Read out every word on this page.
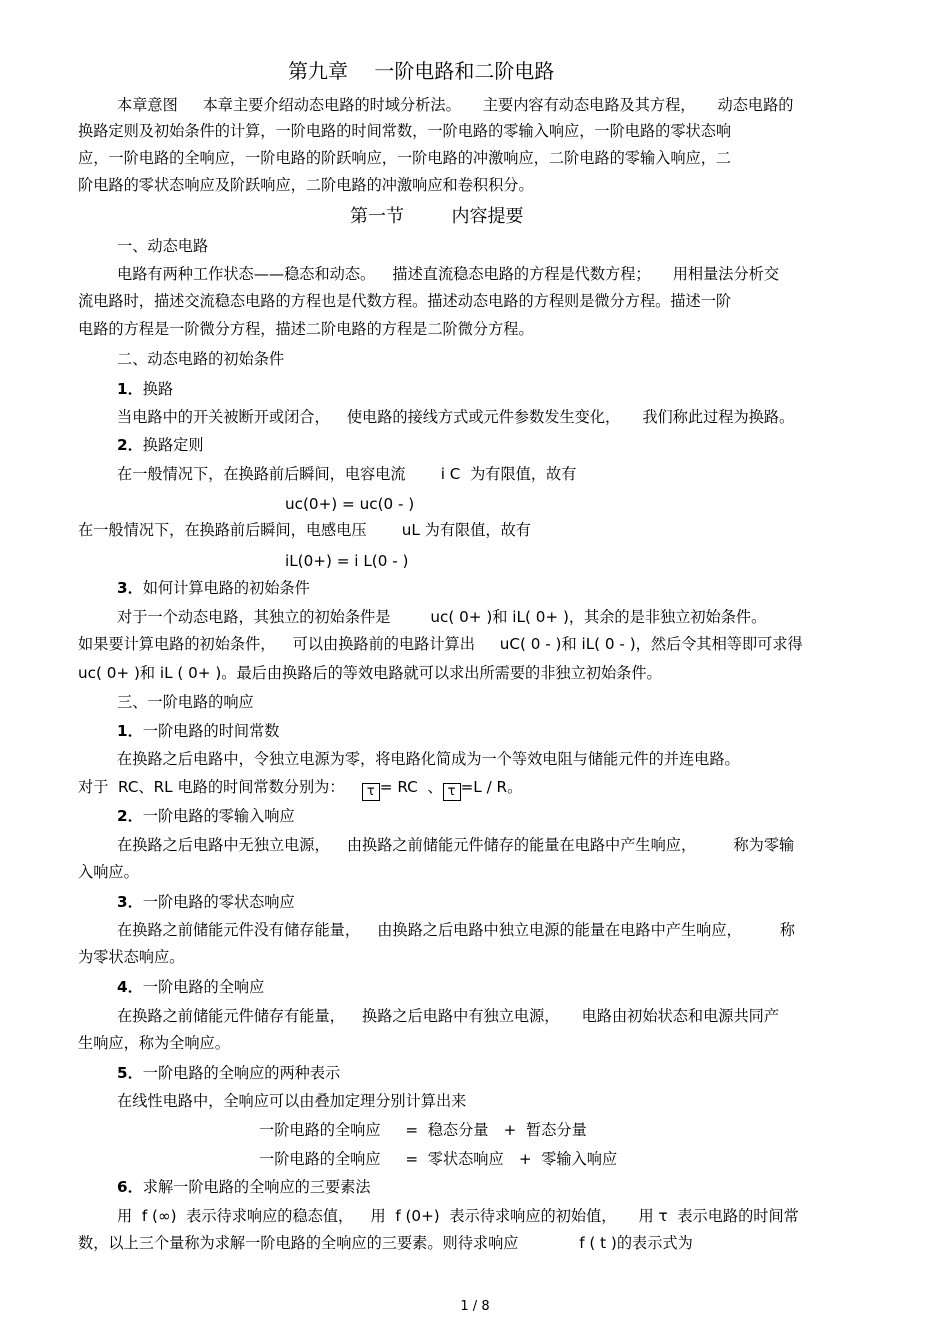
第九章　 一阶电路和二阶电路
本章意图　  本章主要介绍动态电路的时域分析法。　   主要内容有动态电路及其方程，　   动态电路的
换路定则及初始条件的计算，一阶电路的时间常数，一阶电路的零输入响应，一阶电路的零状态响
应，一阶电路的全响应，一阶电路的阶跃响应，一阶电路的冲激响应，二阶电路的零输入响应，二
阶电路的零状态响应及阶跃响应，二阶电路的冲激响应和卷积积分。
第一节　　  内容提要
一、动态电路
电路有两种工作状态——稳态和动态。　  描述直流稳态电路的方程是代数方程；　   用相量法分析交
流电路时，描述交流稳态电路的方程也是代数方程。描述动态电路的方程则是微分方程。描述一阶
电路的方程是一阶微分方程，描述二阶电路的方程是二阶微分方程。
二、动态电路的初始条件
1．换路
当电路中的开关被断开或闭合，　  使电路的接线方式或元件参数发生变化，　   我们称此过程为换路。
2．换路定则
在一般情况下，在换路前后瞬间，电容电流　　 i C  为有限值，故有
uc(0+) = uc(0 - )
在一般情况下，在换路前后瞬间，电感电压　　 uL 为有限值，故有
iL(0+) = i L(0 - )
3．如何计算电路的初始条件
对于一个动态电路，其独立的初始条件是　　  uc( 0+ )和 iL( 0+ )，其余的是非独立初始条件。
如果要计算电路的初始条件，　  可以由换路前的电路计算出　  uC( 0 - )和 iL( 0 - )，然后令其相等即可求得
uc( 0+ )和 iL ( 0+ )。最后由换路后的等效电路就可以求出所需要的非独立初始条件。
三、一阶电路的响应
1．一阶电路的时间常数
在换路之后电路中，令独立电源为零，将电路化简成为一个等效电阻与储能元件的并连电路。
对于  RC、RL 电路的时间常数分别为：　 τ = RC  、 τ =L / R。
2．一阶电路的零输入响应
在换路之后电路中无独立电源，　  由换路之前储能元件储存的能量在电路中产生响应，　　   称为零输
入响应。
3．一阶电路的零状态响应
在换路之前储能元件没有储存能量，　  由换路之后电路中独立电源的能量在电路中产生响应，　　　称
为零状态响应。
4．一阶电路的全响应
在换路之前储能元件储存有能量，　  换路之后电路中有独立电源，　   电路由初始状态和电源共同产
生响应，称为全响应。
5．一阶电路的全响应的两种表示
在线性电路中，全响应可以由叠加定理分别计算出来
一阶电路的全响应　  =  稳态分量　+  暂态分量
一阶电路的全响应　  =  零状态响应　+  零输入响应
6．求解一阶电路的全响应的三要素法
用  f (∞)  表示待求响应的稳态值，　  用  f (0+)  表示待求响应的初始值，　   用 τ  表示电路的时间常
数，以上三个量称为求解一阶电路的全响应的三要素。则待求响应　　　　f ( t )的表示式为
1 / 8
